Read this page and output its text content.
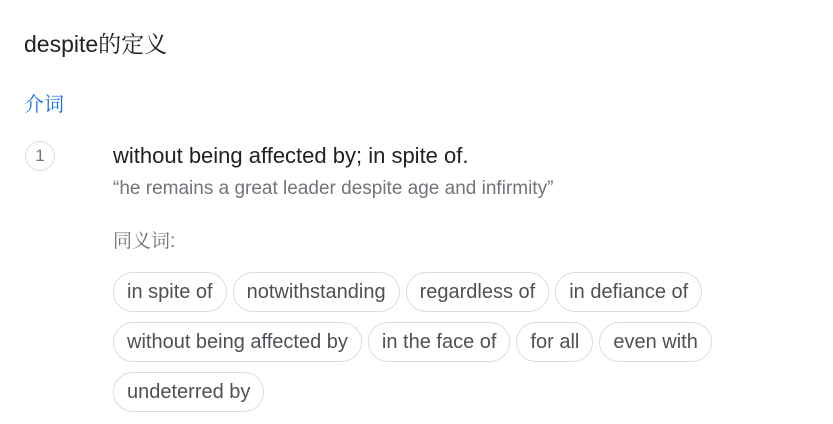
despite的定义
介词
1	without being affected by; in spite of.
“he remains a great leader despite age and infirmity”
同义词:
in spite of	notwithstanding	regardless of	in defiance of
without being affected by	in the face of	for all	even with
undeterred by
